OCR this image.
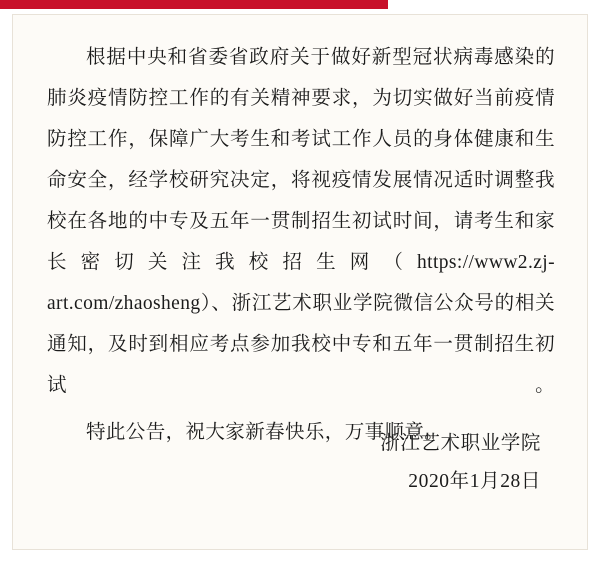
根据中央和省委省政府关于做好新型冠状病毒感染的肺炎疫情防控工作的有关精神要求，为切实做好当前疫情防控工作，保障广大考生和考试工作人员的身体健康和生命安全，经学校研究决定，将视疫情发展情况适时调整我校在各地的中专及五年一贯制招生初试时间，请考生和家长密切关注我校招生网（https://www2.zj-art.com/zhaosheng）、浙江艺术职业学院微信公众号的相关通知，及时到相应考点参加我校中专和五年一贯制招生初试。

特此公告，祝大家新春快乐，万事顺意。

浙江艺术职业学院
2020年1月28日
